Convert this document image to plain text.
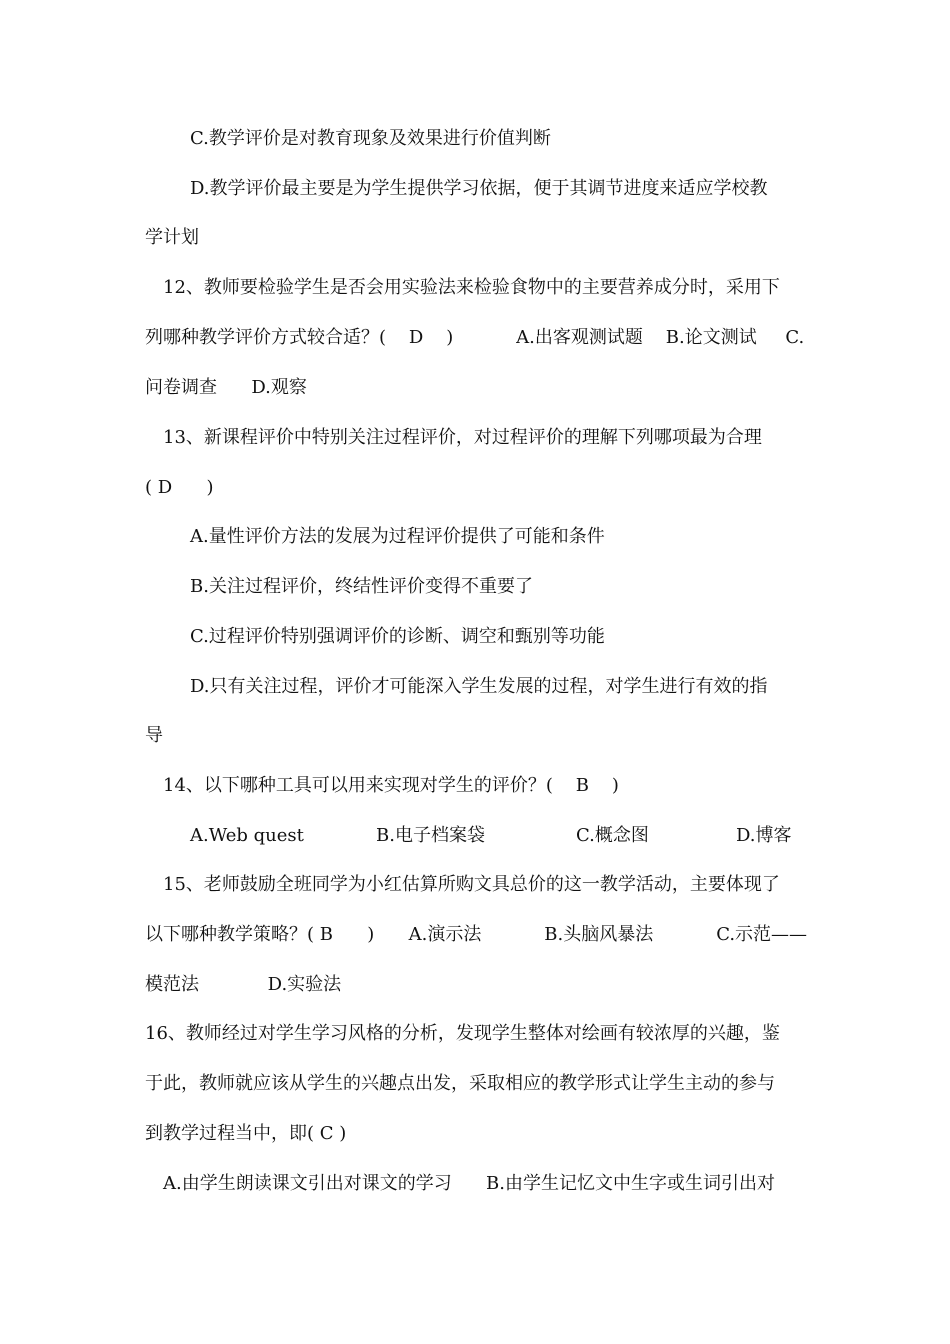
C.教学评价是对教育现象及效果进行价值判断
D.教学评价最主要是为学生提供学习依据，便于其调节进度来适应学校教
学计划
12、教师要检验学生是否会用实验法来检验食物中的主要营养成分时，采用下
列哪种教学评价方式较合适？(    D    )           A.出客观测试题    B.论文测试     C.
问卷调查      D.观察
13、新课程评价中特别关注过程评价，对过程评价的理解下列哪项最为合理
( D      )
A.量性评价方法的发展为过程评价提供了可能和条件
B.关注过程评价，终结性评价变得不重要了
C.过程评价特别强调评价的诊断、调空和甄别等功能
D.只有关注过程，评价才可能深入学生发展的过程，对学生进行有效的指
导
14、以下哪种工具可以用来实现对学生的评价？(    B    )
A.Web quest	B.电子档案袋	C.概念图	D.博客
15、老师鼓励全班同学为小红估算所购文具总价的这一教学活动，主要体现了
以下哪种教学策略？( B      )      A.演示法           B.头脑风暴法           C.示范——
模范法            D.实验法
16、教师经过对学生学习风格的分析，发现学生整体对绘画有较浓厚的兴趣，鉴
于此，教师就应该从学生的兴趣点出发，采取相应的教学形式让学生主动的参与
到教学过程当中，即( C )
A.由学生朗读课文引出对课文的学习      B.由学生记忆文中生字或生词引出对
